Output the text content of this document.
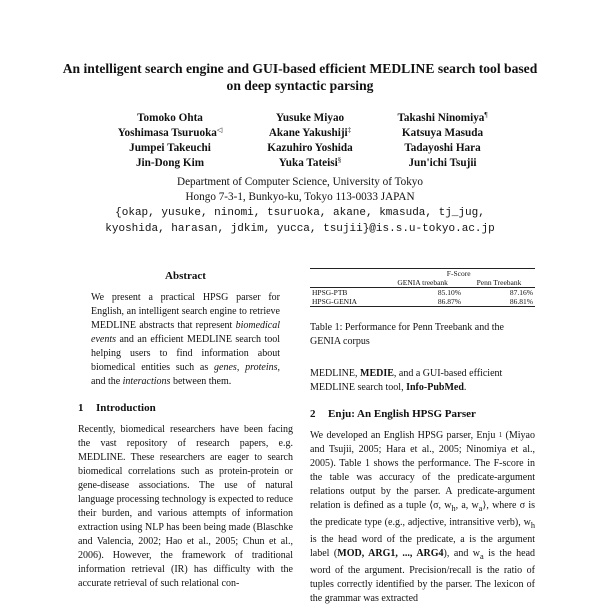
An intelligent search engine and GUI-based efficient MEDLINE search tool based on deep syntactic parsing
Tomoko Ohta	Yusuke Miyao	Takashi Ninomiya¶
Yoshimasa Tsuruoka◁	Akane Yakushiji‡	Katsuya Masuda
Jumpei Takeuchi	Kazuhiro Yoshida	Tadayoshi Hara
Jin-Dong Kim	Yuka Tateisi§	Jun'ichi Tsujii
Department of Computer Science, University of Tokyo
Hongo 7-3-1, Bunkyo-ku, Tokyo 113-0033 JAPAN
{okap, yusuke, ninomi, tsuruoka, akane, kmasuda, tj_jug,
kyoshida, harasan, jdkim, yucca, tsujii}@is.s.u-tokyo.ac.jp
Abstract
We present a practical HPSG parser for English, an intelligent search engine to retrieve MEDLINE abstracts that represent biomedical events and an efficient MEDLINE search tool helping users to find information about biomedical entities such as genes, proteins, and the interactions between them.
1 Introduction
Recently, biomedical researchers have been facing the vast repository of research papers, e.g. MEDLINE. These researchers are eager to search biomedical correlations such as protein-protein or gene-disease associations. The use of natural language processing technology is expected to reduce their burden, and various attempts of information extraction using NLP has been being made (Blaschke and Valencia, 2002; Hao et al., 2005; Chun et al., 2006). However, the framework of traditional information retrieval (IR) has difficulty with the accurate retrieval of such relational con-
	F-Score	
	GENIA treebank	Penn Treebank
HPSG-PTB	85.10%	87.16%
HPSG-GENIA	86.87%	86.81%
Table 1: Performance for Penn Treebank and the GENIA corpus
MEDLINE, MEDIE, and a GUI-based efficient MEDLINE search tool, Info-PubMed.
2 Enju: An English HPSG Parser
We developed an English HPSG parser, Enju $^1$ (Miyao and Tsujii, 2005; Hara et al., 2005; Ninomiya et al., 2005). Table 1 shows the performance. The F-score in the table was accuracy of the predicate-argument relations output by the parser. A predicate-argument relation is defined as a tuple ⟨σ, $w_h$, a, $w_a⟩$, where σ is the predicate type (e.g., adjective, intransitive verb), $w_h$ is the head word of the predicate, a is the argument label (MOD, ARG1, ..., ARG4), and $w_a$ is the head word of the argument. Precision/recall is the ratio of tuples correctly identified by the parser. The lexicon of the grammar was extracted
